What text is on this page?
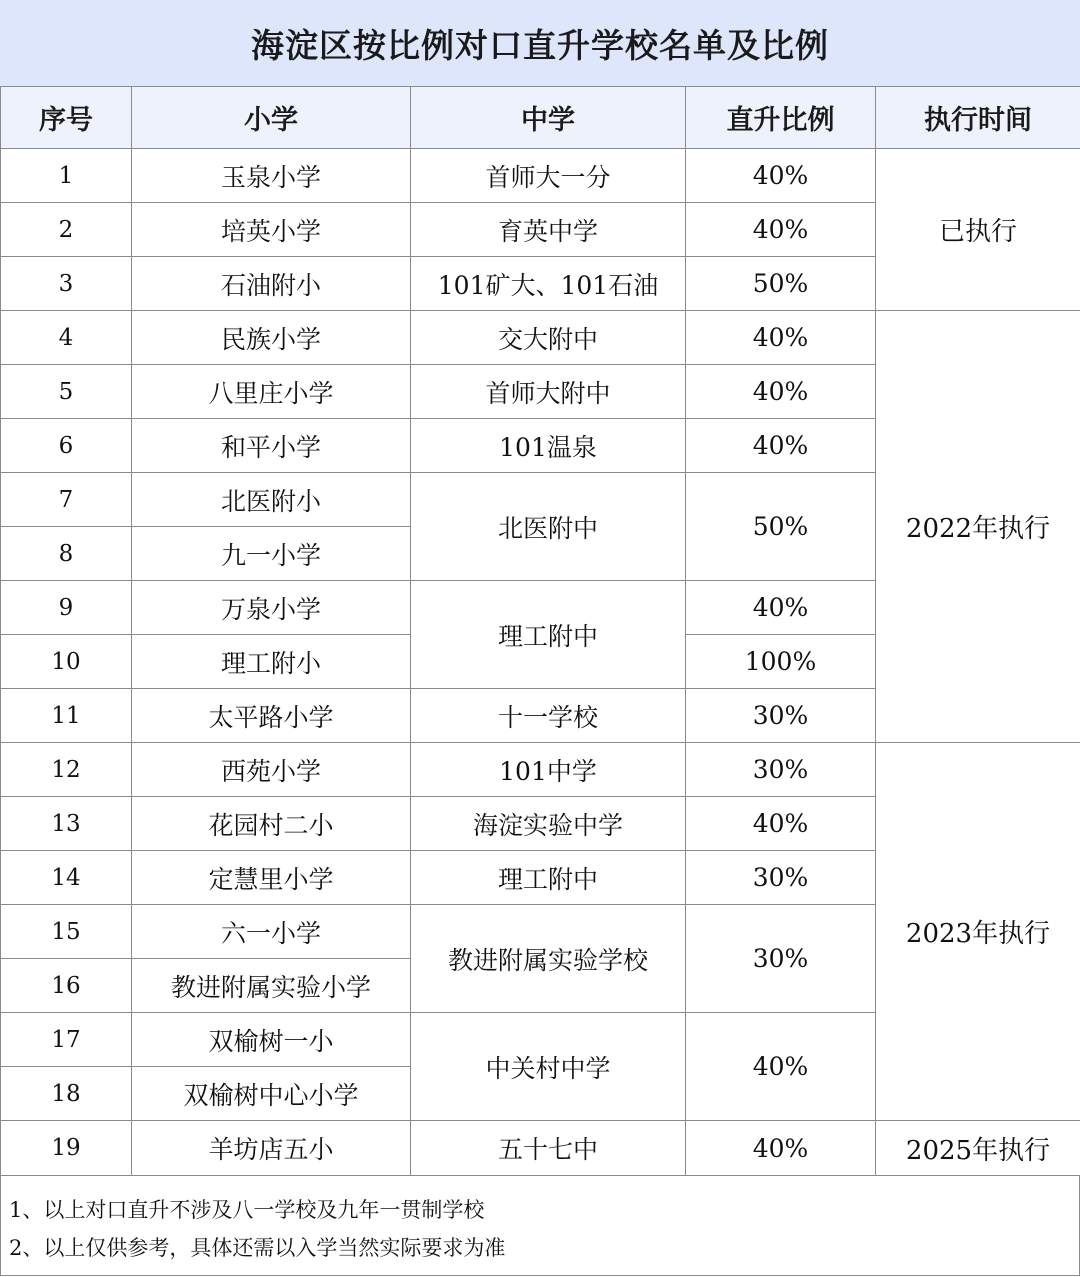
海淀区按比例对口直升学校名单及比例
序号	小学	中学	直升比例	执行时间
1	玉泉小学	首师大一分	40%	已执行
2	培英小学	育英中学	40%	
3	石油附小	101矿大、101石油	50%	
4	民族小学	交大附中	40%	2022年执行
5	八里庄小学	首师大附中	40%	
6	和平小学	101温泉	40%	
7	北医附小	北医附中	50%	
8	九一小学			
9	万泉小学	理工附中	40%	
10	理工附小		100%	
11	太平路小学	十一学校	30%	
12	西苑小学	101中学	30%	2023年执行
13	花园村二小	海淀实验中学	40%	
14	定慧里小学	理工附中	30%	
15	六一小学	教进附属实验学校	30%	
16	教进附属实验小学			
17	双榆树一小	中关村中学	40%	
18	双榆树中心小学			
19	羊坊店五小	五十七中	40%	2025年执行
1、以上对口直升不涉及八一学校及九年一贯制学校
2、以上仅供参考，具体还需以入学当然实际要求为准
